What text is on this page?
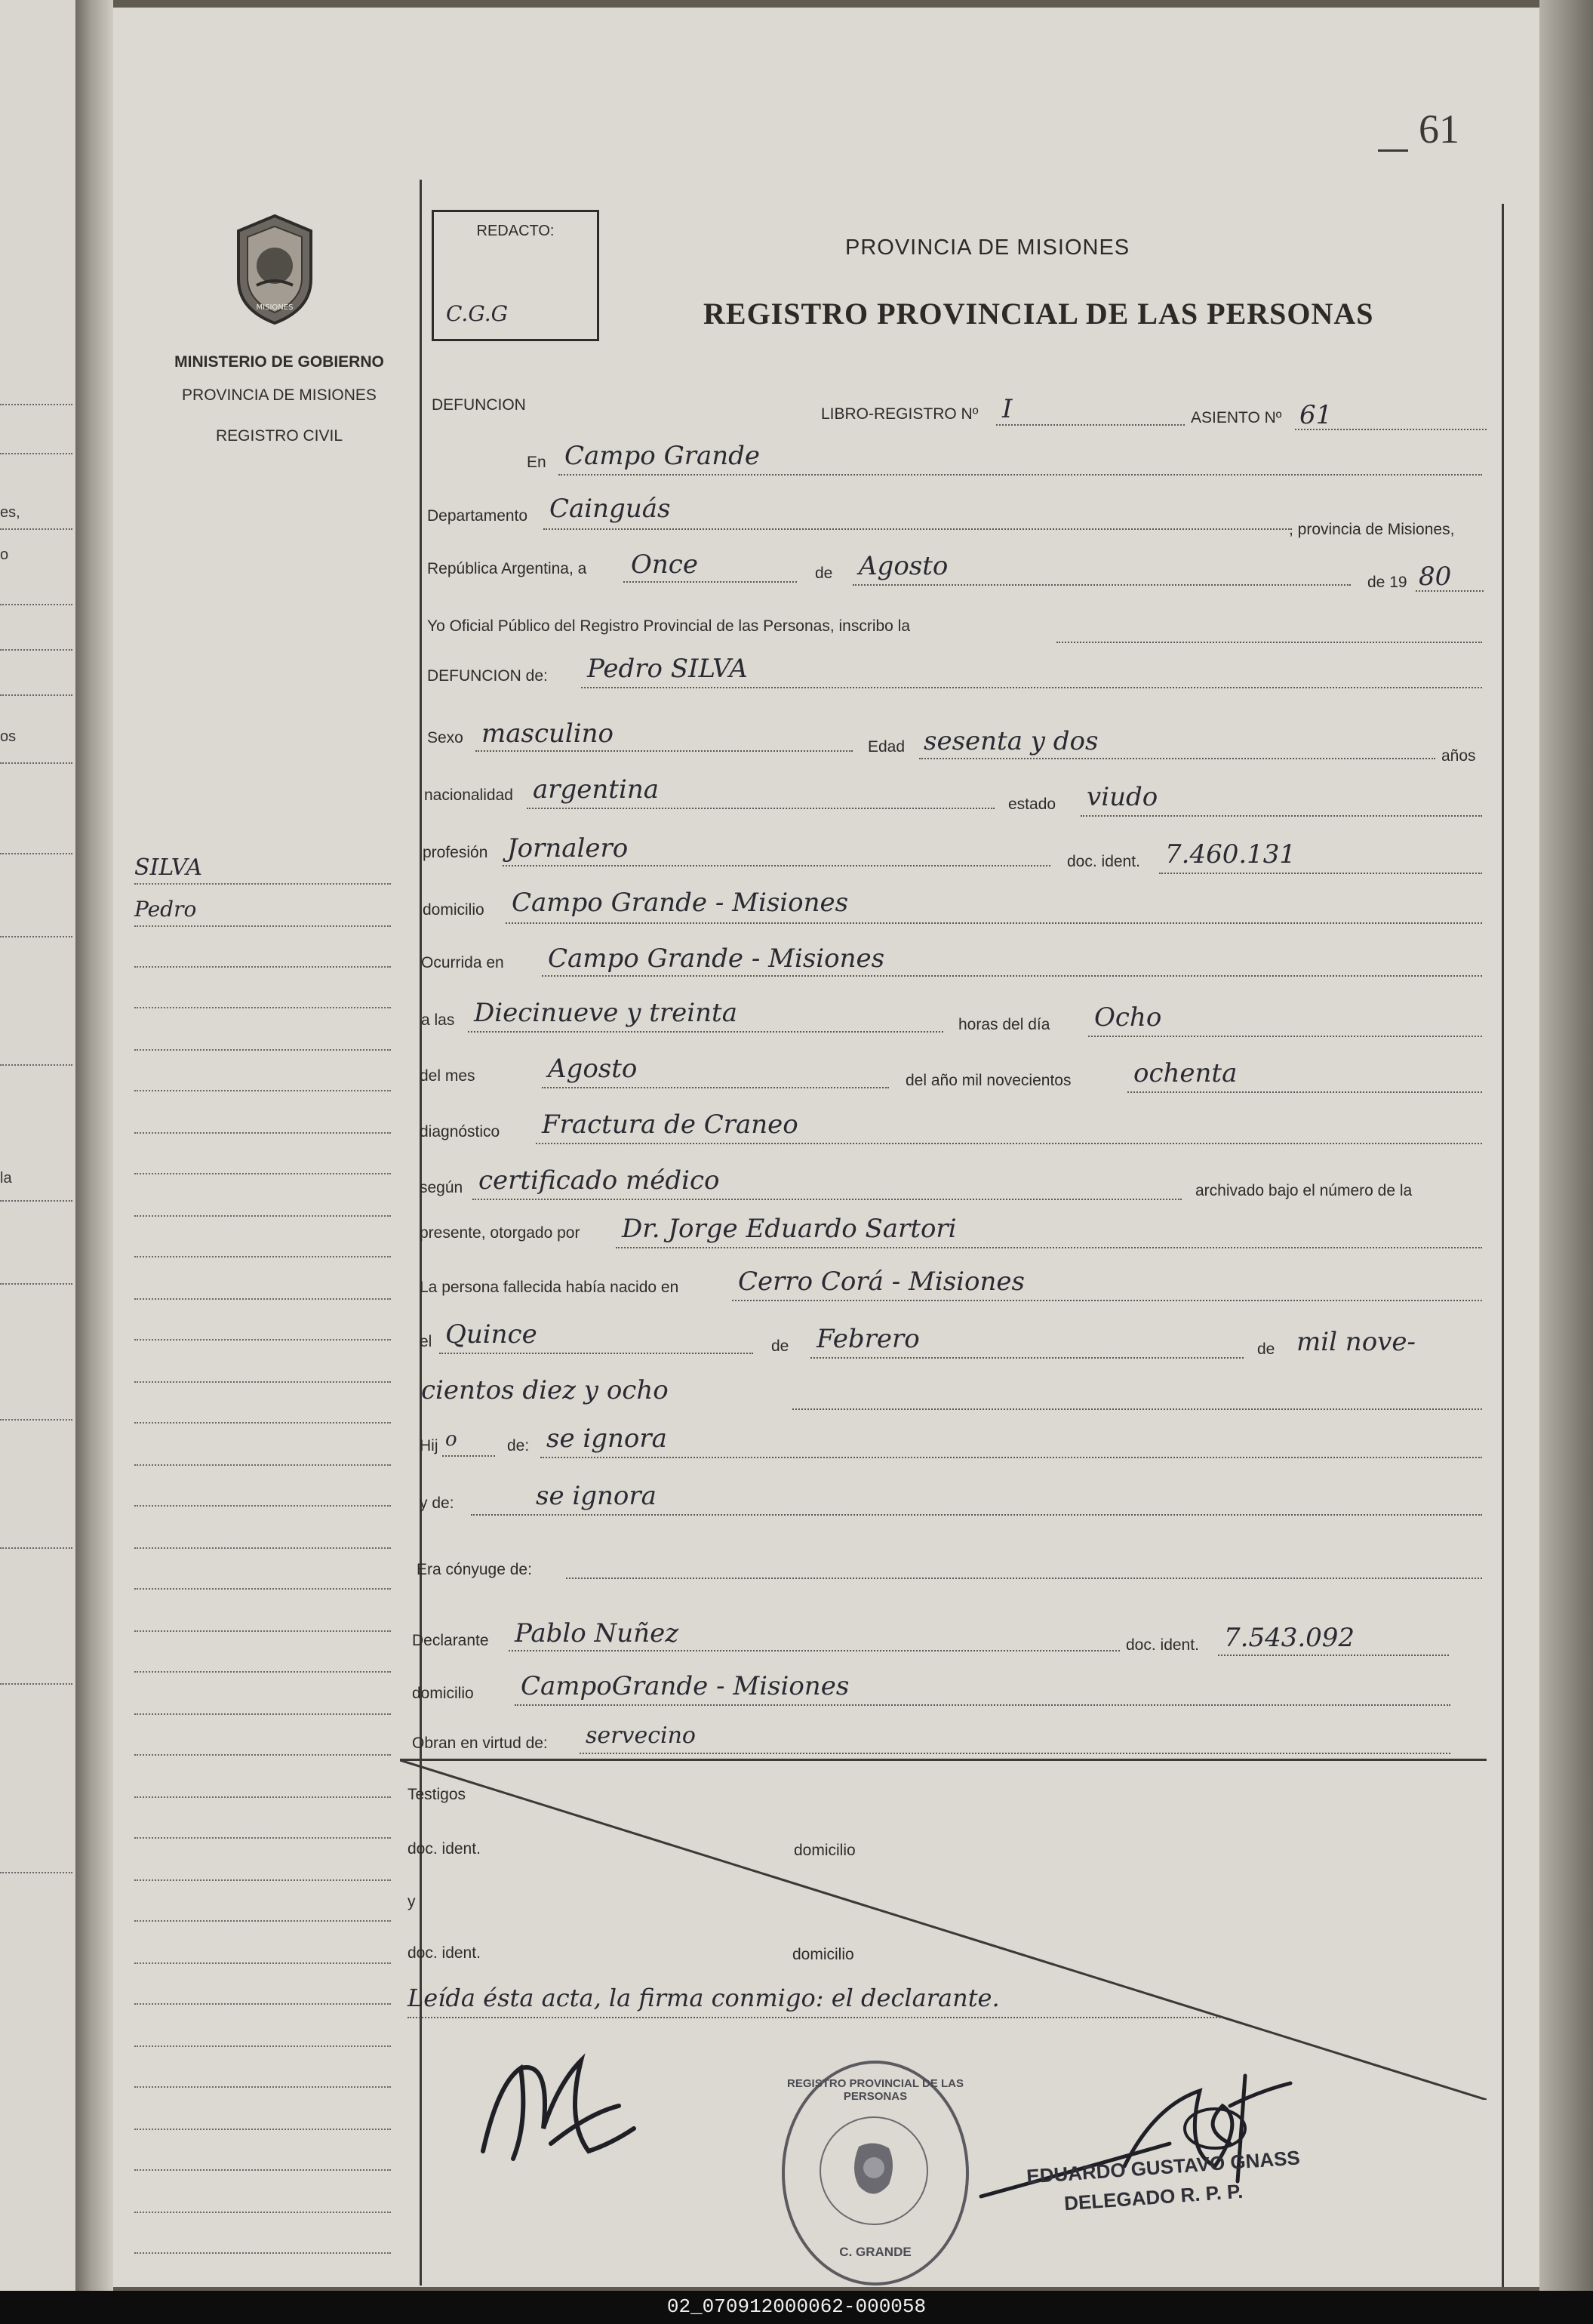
es,
o
os
la
61
MISIONES
MINISTERIO DE GOBIERNO
PROVINCIA DE MISIONES
REGISTRO CIVIL
SILVA
Pedro
REDACTO:
C.G.G
PROVINCIA DE MISIONES
REGISTRO PROVINCIAL DE LAS PERSONAS
DEFUNCION
LIBRO-REGISTRO Nº I	ASIENTO Nº 61
En Campo Grande
Departamento Cainguás
, provincia de Misiones,
República Argentina, a Once	de Agosto
de 19 80
Yo Oficial Público del Registro Provincial de las Personas, inscribo la
DEFUNCION de: Pedro SILVA
Sexo masculino	Edad sesenta y dos	años
nacionalidad argentina	estado viudo
profesión Jornalero	doc. ident. 7.460.131
domicilio Campo Grande - Misiones
Ocurrida en Campo Grande - Misiones
a las Diecinueve y treinta	horas del día Ocho
del mes	Agosto	del año mil novecientos ochenta
diagnóstico Fractura de Craneo
según certificado médico	archivado bajo el número de la
presente, otorgado por Dr. Jorge Eduardo Sartori
La persona fallecida había nacido en Cerro Corá - Misiones
el Quince	de Febrero	de mil nove-
cientos diez y ocho
Hij o	de: se ignora
y de:	se ignora
Era cónyuge de:
Declarante Pablo Nuñez	doc. ident. 7.543.092
domicilio CampoGrande - Misiones
Obran en virtud de: servecino
Testigos
doc. ident.	domicilio
y
doc. ident.	domicilio
Leída ésta acta, la firma conmigo: el declarante.
REGISTRO PROVINCIAL DE LAS PERSONAS
C. GRANDE
EDUARDO GUSTAVO GNASS
DELEGADO R. P. P.
02_070912000062-000058
